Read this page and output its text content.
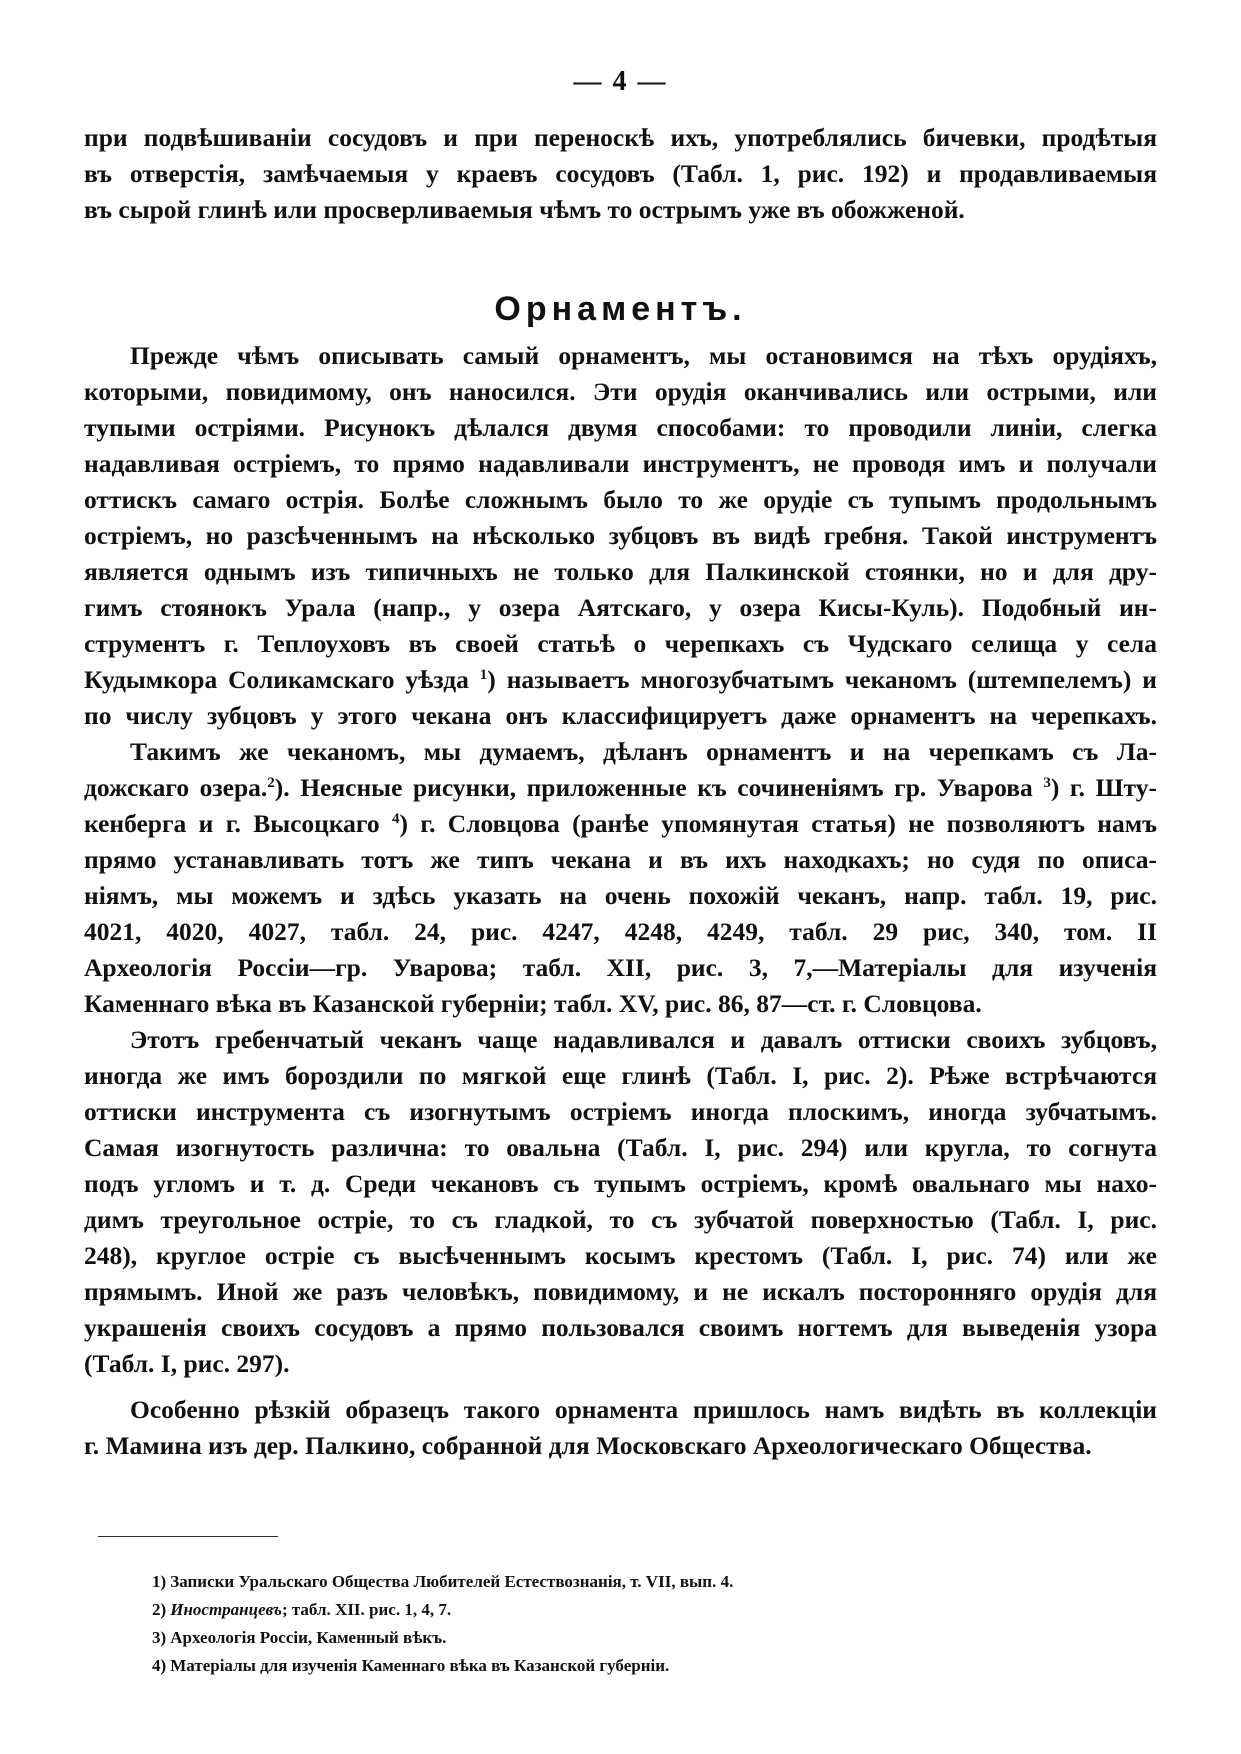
— 4 —

при подвѣшиваніи сосудовъ и при переноскѣ ихъ, употреблялись бичевки, продѣтыя

въ отверстія, замѣчаемыя у краевъ сосудовъ (Табл. 1, рис. 192) и продавливаемыя

въ сырой глинѣ или просверливаемыя чѣмъ то острымъ уже въ обожженой.

Орнаментъ.

Прежде чѣмъ описывать самый орнаментъ, мы остановимся на тѣхъ орудіяхъ,

которыми, повидимому, онъ наносился. Эти орудія оканчивались или острыми, или

тупыми остріями. Рисунокъ дѣлался двумя способами: то проводили линіи, слегка

надавливая остріемъ, то прямо надавливали инструментъ, не проводя имъ и получали

оттискъ самаго острія. Болѣе сложнымъ было то же орудіе съ тупымъ продольнымъ

остріемъ, но разсѣченнымъ на нѣсколько зубцовъ въ видѣ гребня. Такой инструментъ

является однымъ изъ типичныхъ не только для Палкинской стоянки, но и для дру-

гимъ стоянокъ Урала (напр., у озера Аятскаго, у озера Кисы-Куль). Подобный ин-

струментъ г. Теплоуховъ въ своей статьѣ о черепкахъ съ Чудскаго селища у села

Кудымкора Соликамскаго уѣзда $^1$) называетъ многозубчатымъ чеканомъ (штемпелемъ) и

по числу зубцовъ у этого чекана онъ классифицируетъ даже орнаментъ на черепкахъ.

Такимъ же чеканомъ, мы думаемъ, дѣланъ орнаментъ и на черепкамъ съ Ла-

дожскаго озера.$^2$). Неясные рисунки, приложенные къ сочиненіямъ гр. Уварова $^3$) г. Шту-

кенберга и г. Высоцкаго $^4$) г. Словцова (ранѣе упомянутая статья) не позволяютъ намъ

прямо устанавливать тотъ же типъ чекана и въ ихъ находкахъ; но судя по описа-

ніямъ, мы можемъ и здѣсь указать на очень похожій чеканъ, напр. табл. 19, рис.

4021, 4020, 4027, табл. 24, рис. 4247, 4248, 4249, табл. 29 рис, 340, том. II

Археологія Россіи—гр. Уварова; табл. XII, рис. 3, 7,—Матеріалы для изученія

Каменнаго вѣка въ Казанской губерніи; табл. XV, рис. 86, 87—ст. г. Словцова.

Этотъ гребенчатый чеканъ чаще надавливался и давалъ оттиски своихъ зубцовъ,

иногда же имъ бороздили по мягкой еще глинѣ (Табл. I, рис. 2). Рѣже встрѣчаются

оттиски инструмента съ изогнутымъ остріемъ иногда плоскимъ, иногда зубчатымъ.

Самая изогнутость различна: то овальна (Табл. I, рис. 294) или кругла, то согнута

подъ угломъ и т. д. Среди чекановъ съ тупымъ остріемъ, кромѣ овальнаго мы нахо-

димъ треугольное остріе, то съ гладкой, то съ зубчатой поверхностью (Табл. I, рис.

248), круглое остріе съ высѣченнымъ косымъ крестомъ (Табл. I, рис. 74) или же

прямымъ. Иной же разъ человѣкъ, повидимому, и не искалъ посторонняго орудія для

украшенія своихъ сосудовъ а прямо пользовался своимъ ногтемъ для выведенія узора

(Табл. I, рис. 297).

Особенно рѣзкій образецъ такого орнамента пришлось намъ видѣть въ коллекціи

г. Мамина изъ дер. Палкино, собранной для Московскаго Археологическаго Общества.

1) Записки Уральскаго Общества Любителей Естествознанія, т. VII, вып. 4.

2) Иностранцевъ; табл. XII. рис. 1, 4, 7.

3) Археологія Россіи, Каменный вѣкъ.

4) Матеріалы для изученія Каменнаго вѣка въ Казанской губерніи.
